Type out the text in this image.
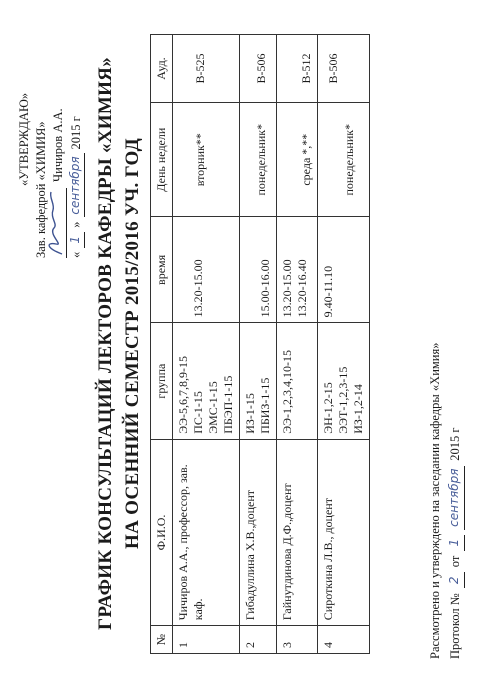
«УТВЕРЖДАЮ» Зав. кафедрой «ХИМИЯ» Чичиров А.А.
«
1
»
сентября
2015 г ГРАФИК КОНСУЛЬТАЦИЙ ЛЕКТОРОВ КАФЕДРЫ «ХИМИЯ» НА ОСЕННИЙ СЕМЕСТР 2015/2016 УЧ. ГОД
№	Ф.И.О.	группа	время	День недели	Ауд.
1	Чичиров А.А., профессор, зав. каф.	ЭЭ-5,6,7,8,9-15 ПС-1-15 ЭМС-1-15 ПБЭП-1-15	13.20-15.00	вторник**	В-525
2	Гибадуллина Х.В.,доцент	ИЗ-1-15 ПБИЗ-1-15	15.00-16.00	понедельник*	В-506
3	Гайнутдинова Д.Ф.,доцент	ЭЭ-1,2,3,4,10-15	13.20-15.00 13.20-16.40	среда *,**	В-512
4	Сироткина Л.В., доцент	ЭН-1,2-15 ЭЭТ-1,2,3-15 ИЗ-1,2-14	9.40-11.10	понедельник*	В-506
Рассмотрено и утверждено на заседании кафедры «Химия» Протокол №
2
от
1
сентября
2015 г
